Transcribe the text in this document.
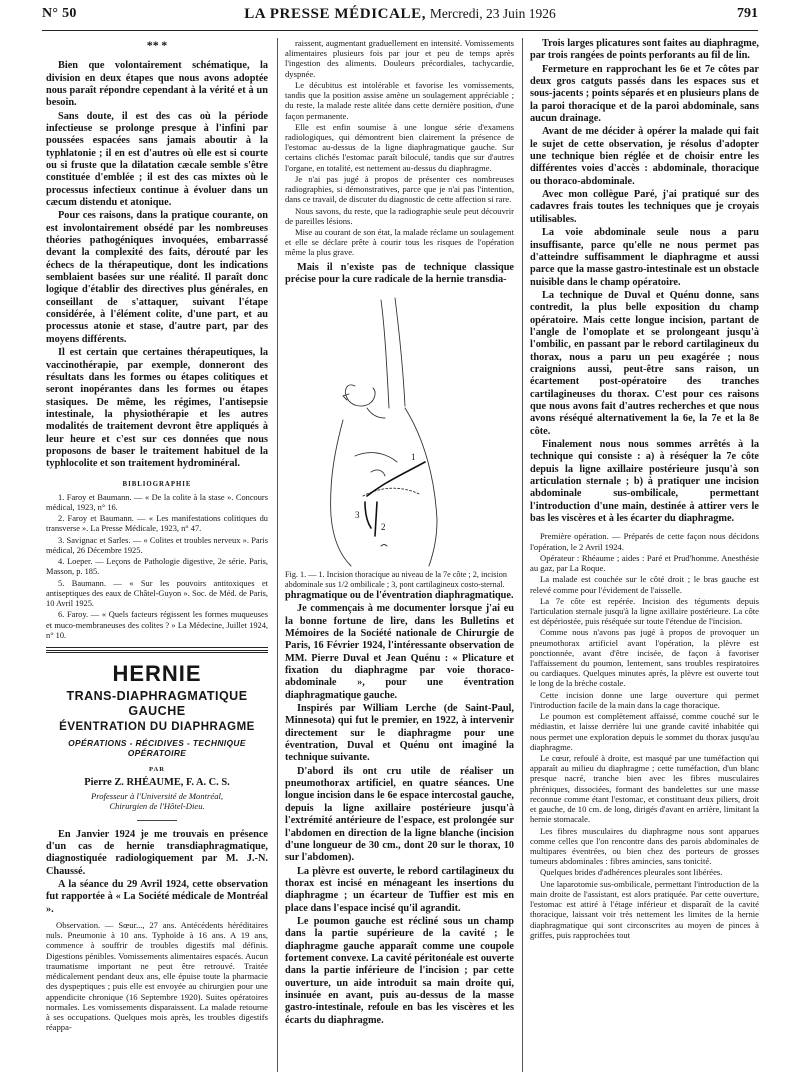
N° 50	LA PRESSE MÉDICALE, Mercredi, 23 Juin 1926	791
** *

Bien que volontairement schématique, la division en deux étapes que nous avons adoptée nous paraît répondre cependant à la vérité et à un besoin.

Sans doute, il est des cas où la période infectieuse se prolonge presque à l'infini par poussées espacées sans jamais aboutir à la typhlatonie ; il en est d'autres où elle est si courte ou si fruste que la dilatation cæcale semble s'être constituée d'emblée ; il est des cas mixtes où le processus infectieux continue à évoluer dans un cæcum distendu et atonique.

Pour ces raisons, dans la pratique courante, on est involontairement obsédé par les nombreuses théories pathogéniques invoquées, embarrassé devant la complexité des faits, dérouté par les échecs de la thérapeutique, dont les indications semblaient basées sur une réalité. Il paraît donc logique d'établir des directives plus générales, en conseillant de s'attaquer, suivant l'étape considérée, à l'élément colite, d'une part, et au processus atonie et stase, d'autre part, par des moyens différents.

Il est certain que certaines thérapeutiques, la vaccinothérapie, par exemple, donneront des résultats dans les formes ou étapes colitiques et seront inopérantes dans les formes ou étapes stasiques. De même, les régimes, l'antisepsie intestinale, la physiothérapie et les autres modalités de traitement devront être appliqués à leur heure et c'est sur ces données que nous proposons de baser le traitement habituel de la typhlocolite et son traitement hydrominéral.

BIBLIOGRAPHIE

1. Faroy et Baumann. — « De la colite à la stase ». Concours médical, 1923, n° 16.

2. Faroy et Baumann. — « Les manifestations colitiques du transverse ». La Presse Médicale, 1923, n° 47.

3. Savignac et Sarles. — « Colites et troubles nerveux ». Paris médical, 26 Décembre 1925.

4. Loeper. — Leçons de Pathologie digestive, 2e série. Paris, Masson, p. 185.

5. Baumann. — « Sur les pouvoirs antitoxiques et antiseptiques des eaux de Châtel-Guyon ». Soc. de Méd. de Paris, 10 Avril 1925.

6. Faroy. — « Quels facteurs régissent les formes muqueuses et muco-membraneuses des colites ? » La Médecine, Juillet 1924, n° 10.

HERNIE
TRANS-DIAPHRAGMATIQUE GAUCHE
ÉVENTRATION DU DIAPHRAGME
OPÉRATIONS - RÉCIDIVES - TECHNIQUE OPÉRATOIRE
PAR
Pierre Z. RHÉAUME, F. A. C. S.
Professeur à l'Université de Montréal,
Chirurgien de l'Hôtel-Dieu.

En Janvier 1924 je me trouvais en présence d'un cas de hernie transdiaphragmatique, diagnostiquée radiologiquement par M. J.-N. Chaussé.

A la séance du 29 Avril 1924, cette observation fut rapportée à « La Société médicale de Montréal ».

Observation. — Sœur..., 27 ans. Antécédents héréditaires nuls. Pneumonie à 10 ans. Typhoïde à 16 ans. A 19 ans, commence à souffrir de troubles digestifs mal définis. Digestions pénibles. Vomissements alimentaires espacés. Aucun traumatisme important ne peut être retrouvé. Traitée médicalement pendant deux ans, elle épuise toute la pharmacie des dyspeptiques ; puis elle est envoyée au chirurgien pour une appendicite chronique (16 Septembre 1920). Suites opératoires normales. Les vomissements disparaissent. La malade retourne à ses occupations. Quelques mois après, les troubles digestifs réappa-

raissent, augmentant graduellement en intensité. Vomissements alimentaires plusieurs fois par jour et peu de temps après l'ingestion des aliments. Douleurs précordiales, tachycardie, dyspnée.

Le décubitus est intolérable et favorise les vomissements, tandis que la position assise amène un soulagement appréciable ; du reste, la malade reste alitée dans cette dernière position, d'une façon permanente.

Elle est enfin soumise à une longue série d'examens radiologiques, qui démontrent bien clairement la présence de l'estomac au-dessus de la ligne diaphragmatique gauche. Sur certains clichés l'estomac paraît biloculé, tandis que sur d'autres l'organe, en totalité, est nettement au-dessus du diaphragme.

Je n'ai pas jugé à propos de présenter ces nombreuses radiographies, si démonstratives, parce que je n'ai pas l'intention, dans ce travail, de discuter du diagnostic de cette affection si rare.

Nous savons, du reste, que la radiographie seule peut découvrir de pareilles lésions.

Mise au courant de son état, la malade réclame un soulagement et elle se déclare prête à courir tous les risques de l'opération même la plus grave.

Mais il n'existe pas de technique classique précise pour la cure radicale de la hernie transdia-

1
2
3

Fig. 1. — 1. Incision thoracique au niveau de la 7e côte ; 2, incision abdominale sus 1/2 ombilicale ; 3, pont cartilagineux costo-sternal.

phragmatique ou de l'éventration diaphragmatique.

Je commençais à me documenter lorsque j'ai eu la bonne fortune de lire, dans les Bulletins et Mémoires de la Société nationale de Chirurgie de Paris, 16 Février 1924, l'intéressante observation de MM. Pierre Duval et Jean Quénu : « Plicature et fixation du diaphragme par voie thoraco-abdominale », pour une éventration diaphragmatique gauche.

Inspirés par William Lerche (de Saint-Paul, Minnesota) qui fut le premier, en 1922, à intervenir directement sur le diaphragme pour une éventration, Duval et Quénu ont imaginé la technique suivante.

D'abord ils ont cru utile de réaliser un pneumothorax artificiel, en quatre séances. Une longue incision dans le 6e espace intercostal gauche, depuis la ligne axillaire postérieure jusqu'à l'extrémité antérieure de l'espace, est prolongée sur l'abdomen en direction de la ligne blanche (incision d'une longueur de 30 cm., dont 20 sur le thorax, 10 sur l'abdomen).

La plèvre est ouverte, le rebord cartilagineux du thorax est incisé en ménageant les insertions du diaphragme ; un écarteur de Tuffier est mis en place dans l'espace incisé qu'il agrandit.

Le poumon gauche est récliné sous un champ dans la partie supérieure de la cavité ; le diaphragme gauche apparaît comme une coupole fortement convexe. La cavité péritonéale est ouverte dans la partie inférieure de l'incision ; par cette ouverture, un aide introduit sa main droite qui, insinuée en avant, puis au-dessus de la masse gastro-intestinale, refoule en bas les viscères et les écarts du diaphragme.

Trois larges plicatures sont faites au diaphragme, par trois rangées de points perforants au fil de lin.

Fermeture en rapprochant les 6e et 7e côtes par deux gros catguts passés dans les espaces sus et sous-jacents ; points séparés et en plusieurs plans de la paroi thoracique et de la paroi abdominale, sans aucun drainage.

Avant de me décider à opérer la malade qui fait le sujet de cette observation, je résolus d'adopter une technique bien réglée et de choisir entre les différentes voies d'accès : abdominale, thoracique ou thoraco-abdominale.

Avec mon collègue Paré, j'ai pratiqué sur des cadavres frais toutes les techniques que je croyais utilisables.

La voie abdominale seule nous a paru insuffisante, parce qu'elle ne nous permet pas d'atteindre suffisamment le diaphragme et aussi parce que la masse gastro-intestinale est un obstacle nuisible dans le champ opératoire.

La technique de Duval et Quénu donne, sans contredit, la plus belle exposition du champ opératoire. Mais cette longue incision, partant de l'angle de l'omoplate et se prolongeant jusqu'à l'ombilic, en passant par le rebord cartilagineux du thorax, nous a paru un peu exagérée ; nous craignions aussi, peut-être sans raison, un écartement post-opératoire des tranches cartilagineuses du thorax. C'est pour ces raisons que nous avons fait d'autres recherches et que nous avons réséqué alternativement la 6e, la 7e et la 8e côte.

Finalement nous nous sommes arrêtés à la technique qui consiste : a) à réséquer la 7e côte depuis la ligne axillaire postérieure jusqu'à son articulation sternale ; b) à pratiquer une incision abdominale sus-ombilicale, permettant l'introduction d'une main, destinée à attirer vers le bas les viscères et à les écarter du diaphragme.

Première opération. — Préparés de cette façon nous décidons l'opération, le 2 Avril 1924.

Opérateur : Rhéaume ; aides : Paré et Prud'homme. Anesthésie au gaz, par La Roque.

La malade est couchée sur le côté droit ; le bras gauche est relevé comme pour l'évidement de l'aisselle.

La 7e côte est repérée. Incision des téguments depuis l'articulation sternale jusqu'à la ligne axillaire postérieure. La côte est dépériostée, puis réséquée sur toute l'étendue de l'incision.

Comme nous n'avons pas jugé à propos de provoquer un pneumothorax artificiel avant l'opération, la plèvre est ponctionnée, avant d'être incisée, de façon à favoriser l'affaissement du poumon, lentement, sans troubles respiratoires ou cardiaques. Quelques minutes après, la plèvre est ouverte tout le long de la brèche costale.

Cette incision donne une large ouverture qui permet l'introduction facile de la main dans la cage thoracique.

Le poumon est complètement affaissé, comme couché sur le médiastin, et laisse derrière lui une grande cavité inhabitée qui nous permet une exploration depuis le sommet du thorax jusqu'au diaphragme.

Le cœur, refoulé à droite, est masqué par une tuméfaction qui apparaît au milieu du diaphragme ; cette tuméfaction, d'un blanc presque nacré, tranche bien avec les fibres musculaires phréniques, dissociées, formant des bandelettes sur une masse reconnue comme étant l'estomac, et constituant deux piliers, droit et gauche, de 10 cm. de long, dirigés d'avant en arrière, limitant la hernie stomacale.

Les fibres musculaires du diaphragme nous sont apparues comme celles que l'on rencontre dans des parois abdominales de multipares éventrées, ou bien chez des porteurs de grosses tumeurs abdominales : fibres amincies, sans tonicité.

Quelques brides d'adhérences pleurales sont libérées.

Une laparotomie sus-ombilicale, permettant l'introduction de la main droite de l'assistant, est alors pratiquée. Par cette ouverture, l'estomac est attiré à l'étage inférieur et disparaît de la cavité thoracique, laissant voir très nettement les limites de la hernie diaphragmatique qui sont circonscrites au moyen de pinces à griffes, puis rapprochées tout
